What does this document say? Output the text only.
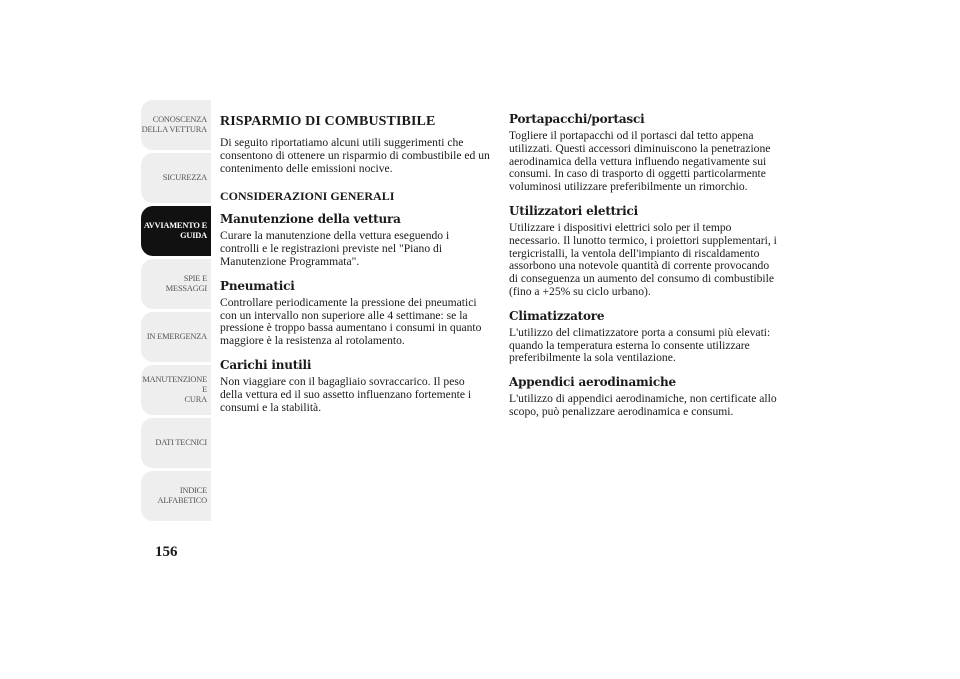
CONOSCENZA
DELLA VETTURA
SICUREZZA
AVVIAMENTO E
GUIDA
SPIE E MESSAGGI
IN EMERGENZA
MANUTENZIONE E
CURA
DATI TECNICI
INDICE
ALFABETICO
156
RISPARMIO DI COMBUSTIBILE

Di seguito riportatiamo alcuni utili suggerimenti che consentono di ottenere un risparmio di combustibile ed un contenimento delle emissioni nocive.

CONSIDERAZIONI GENERALI
Manutenzione della vettura

Curare la manutenzione della vettura eseguendo i controlli e le registrazioni previste nel "Piano di Manutenzione Programmata".

Pneumatici

Controllare periodicamente la pressione dei pneumatici con un intervallo non superiore alle 4 settimane: se la pressione è troppo bassa aumentano i consumi in quanto maggiore è la resistenza al rotolamento.

Carichi inutili

Non viaggiare con il bagagliaio sovraccarico. Il peso della vettura ed il suo assetto influenzano fortemente i consumi e la stabilità.

Portapacchi/portasci

Togliere il portapacchi od il portasci dal tetto appena utilizzati. Questi accessori diminuiscono la penetrazione aerodinamica della vettura influendo negativamente sui consumi. In caso di trasporto di oggetti particolarmente voluminosi utilizzare preferibilmente un rimorchio.

Utilizzatori elettrici

Utilizzare i dispositivi elettrici solo per il tempo necessario. Il lunotto termico, i proiettori supplementari, i tergicristalli, la ventola dell'impianto di riscaldamento assorbono una notevole quantità di corrente provocando di conseguenza un aumento del consumo di combustibile (fino a +25% su ciclo urbano).

Climatizzatore

L'utilizzo del climatizzatore porta a consumi più elevati: quando la temperatura esterna lo consente utilizzare preferibilmente la sola ventilazione.

Appendici aerodinamiche

L'utilizzo di appendici aerodinamiche, non certificate allo scopo, può penalizzare aerodinamica e consumi.
